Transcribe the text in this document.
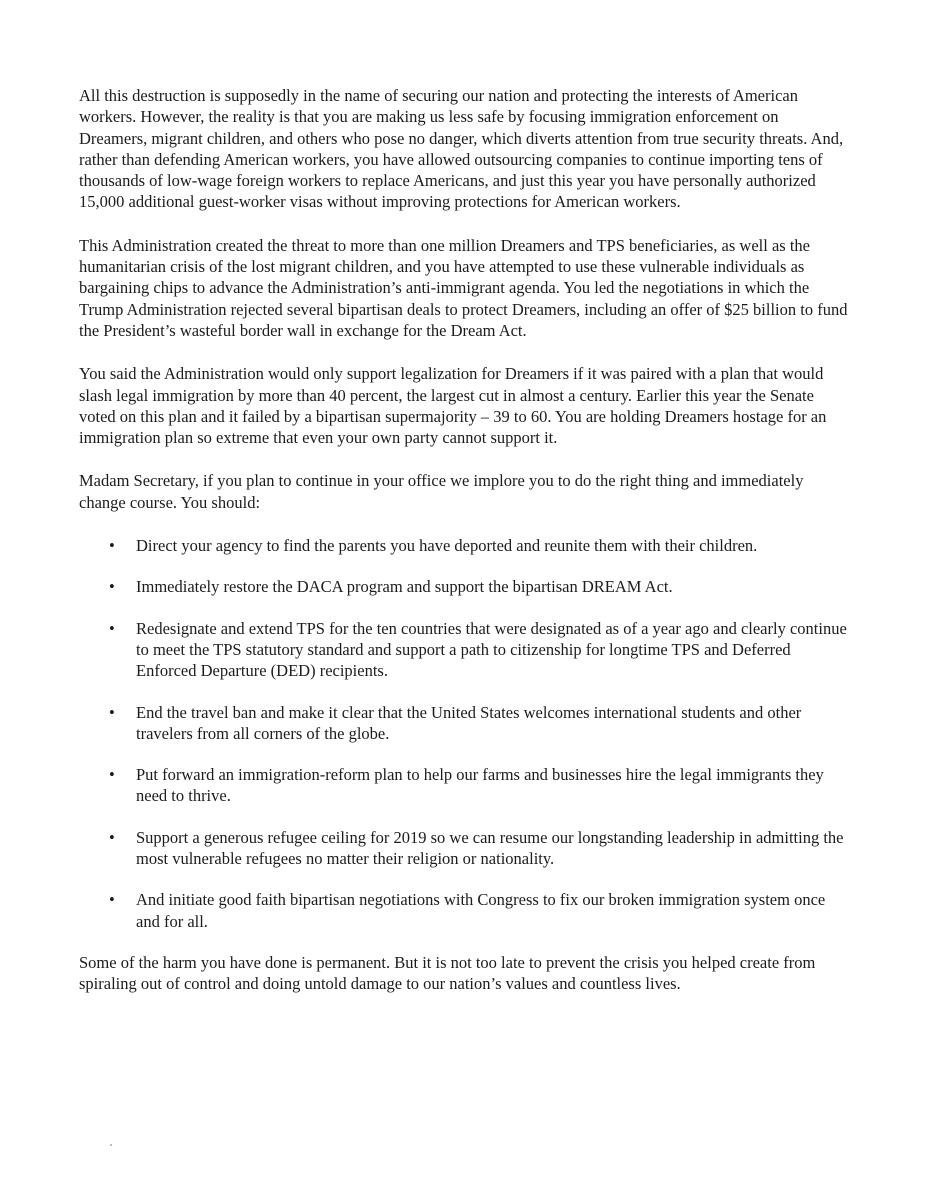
All this destruction is supposedly in the name of securing our nation and protecting the interests of American workers. However, the reality is that you are making us less safe by focusing immigration enforcement on Dreamers, migrant children, and others who pose no danger, which diverts attention from true security threats. And, rather than defending American workers, you have allowed outsourcing companies to continue importing tens of thousands of low-wage foreign workers to replace Americans, and just this year you have personally authorized 15,000 additional guest-worker visas without improving protections for American workers.

This Administration created the threat to more than one million Dreamers and TPS beneficiaries, as well as the humanitarian crisis of the lost migrant children, and you have attempted to use these vulnerable individuals as bargaining chips to advance the Administration’s anti-immigrant agenda. You led the negotiations in which the Trump Administration rejected several bipartisan deals to protect Dreamers, including an offer of $25 billion to fund the President’s wasteful border wall in exchange for the Dream Act.

You said the Administration would only support legalization for Dreamers if it was paired with a plan that would slash legal immigration by more than 40 percent, the largest cut in almost a century. Earlier this year the Senate voted on this plan and it failed by a bipartisan supermajority – 39 to 60. You are holding Dreamers hostage for an immigration plan so extreme that even your own party cannot support it.

Madam Secretary, if you plan to continue in your office we implore you to do the right thing and immediately change course. You should:

• Direct your agency to find the parents you have deported and reunite them with their children.
• Immediately restore the DACA program and support the bipartisan DREAM Act.
• Redesignate and extend TPS for the ten countries that were designated as of a year ago and clearly continue to meet the TPS statutory standard and support a path to citizenship for longtime TPS and Deferred Enforced Departure (DED) recipients.
• End the travel ban and make it clear that the United States welcomes international students and other travelers from all corners of the globe.
• Put forward an immigration-reform plan to help our farms and businesses hire the legal immigrants they need to thrive.
• Support a generous refugee ceiling for 2019 so we can resume our longstanding leadership in admitting the most vulnerable refugees no matter their religion or nationality.
• And initiate good faith bipartisan negotiations with Congress to fix our broken immigration system once and for all.

Some of the harm you have done is permanent. But it is not too late to prevent the crisis you helped create from spiraling out of control and doing untold damage to our nation’s values and countless lives.
